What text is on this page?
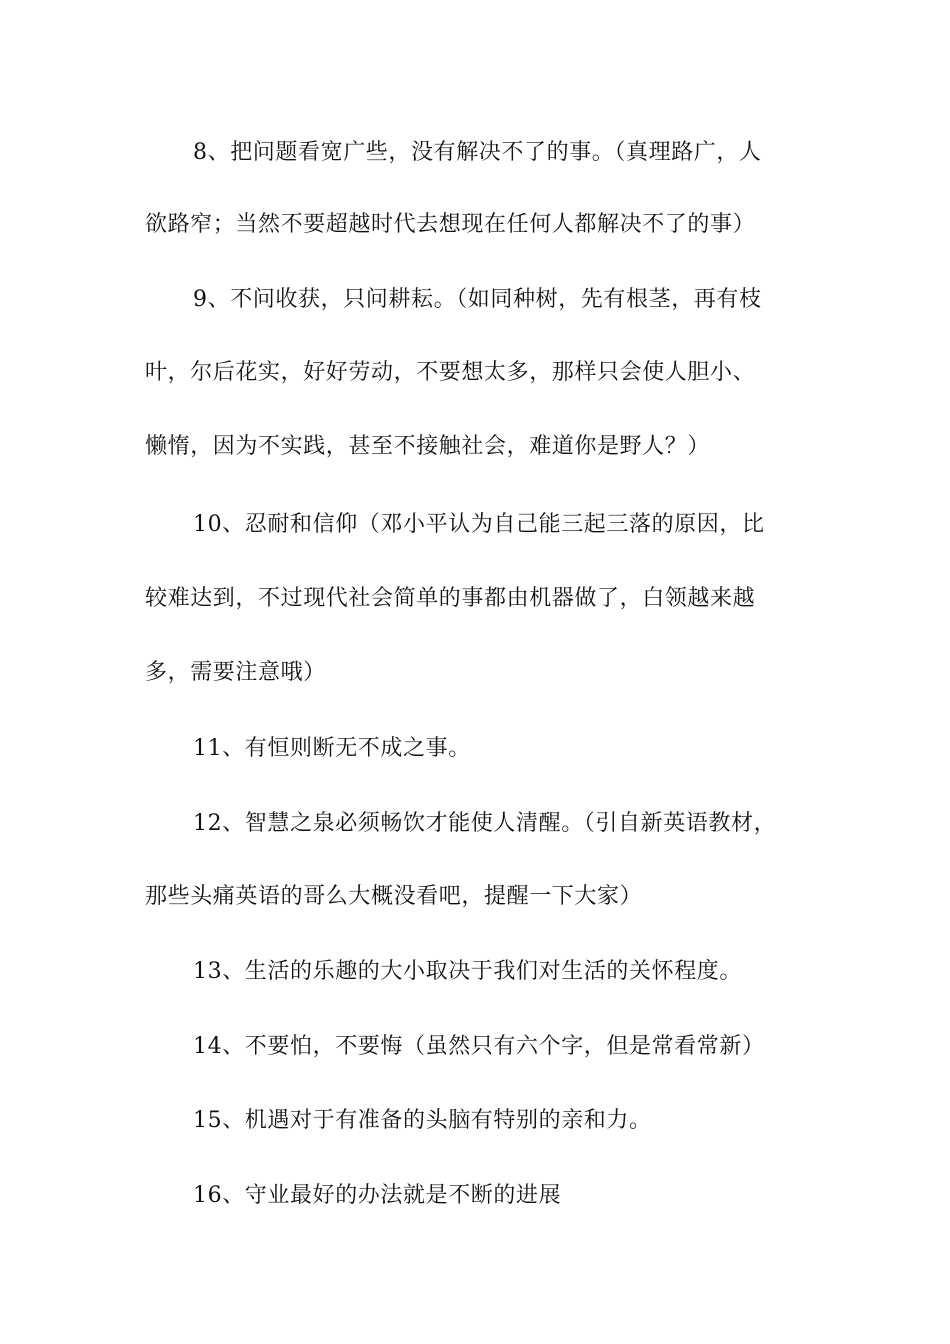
8、把问题看宽广些，没有解决不了的事。（真理路广，人
欲路窄；当然不要超越时代去想现在任何人都解决不了的事）
9、不问收获，只问耕耘。（如同种树，先有根茎，再有枝
叶，尔后花实，好好劳动，不要想太多，那样只会使人胆小、
懒惰，因为不实践，甚至不接触社会，难道你是野人？）
10、忍耐和信仰（邓小平认为自己能三起三落的原因，比
较难达到，不过现代社会简单的事都由机器做了，白领越来越
多，需要注意哦）
11、有恒则断无不成之事。
12、智慧之泉必须畅饮才能使人清醒。（引自新英语教材，
那些头痛英语的哥么大概没看吧，提醒一下大家）
13、生活的乐趣的大小取决于我们对生活的关怀程度。
14、不要怕，不要悔（虽然只有六个字，但是常看常新）
15、机遇对于有准备的头脑有特别的亲和力。
16、守业最好的办法就是不断的进展
